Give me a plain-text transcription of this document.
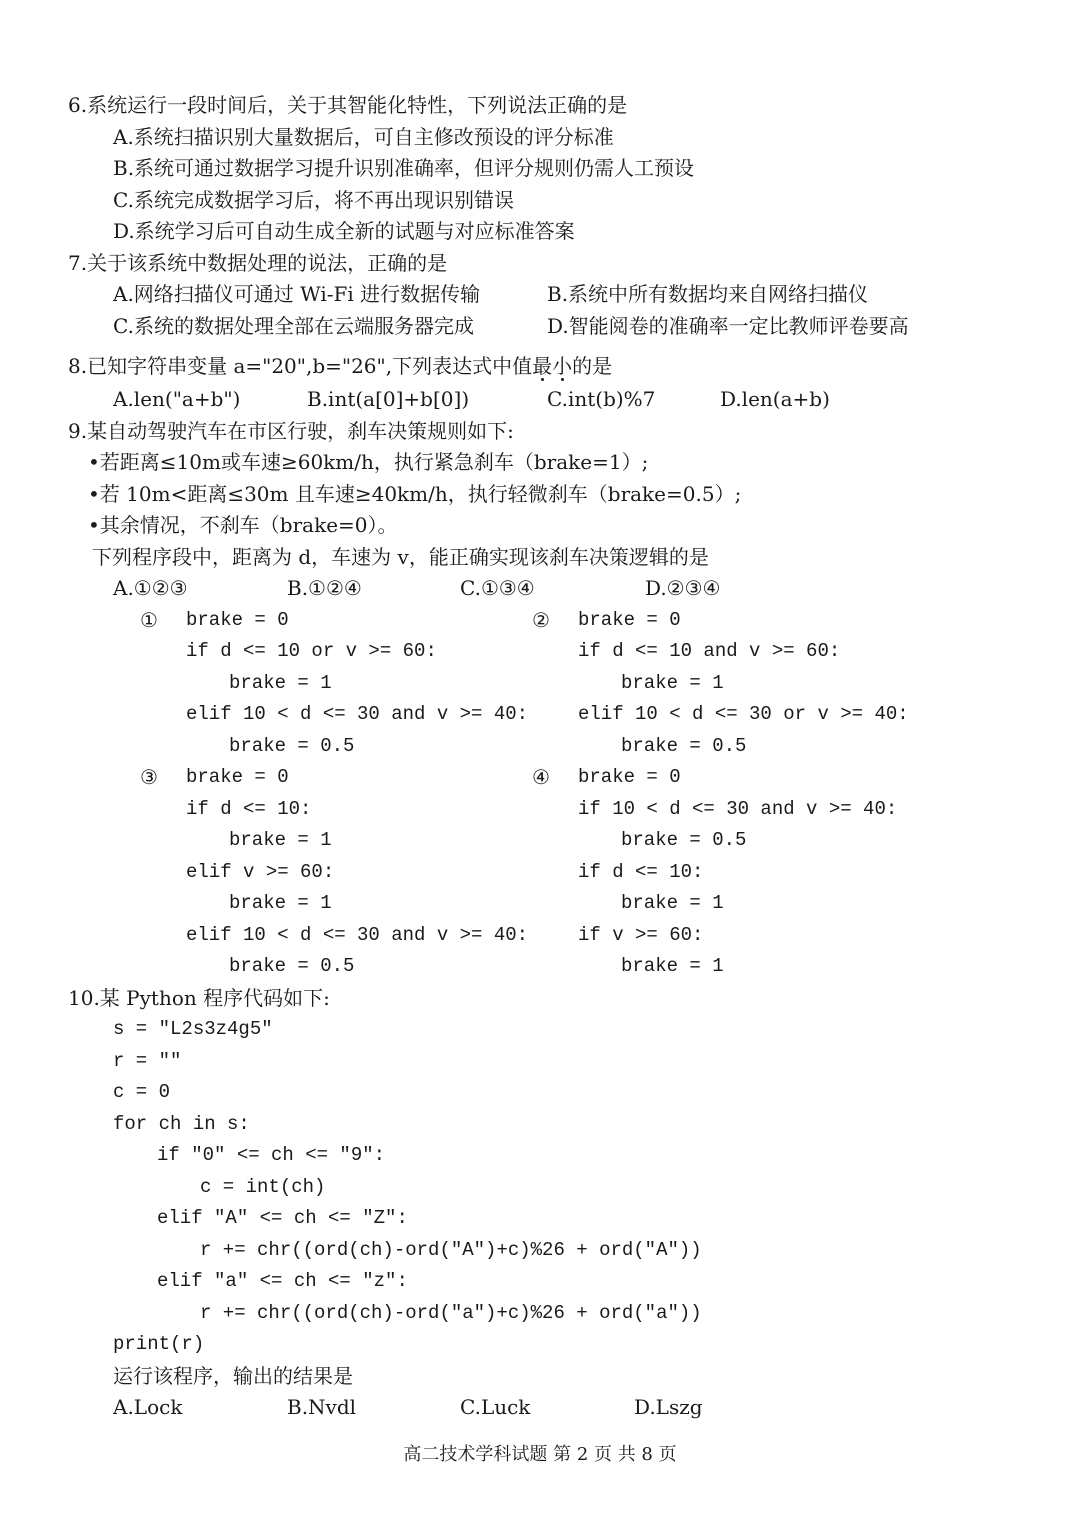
6.系统运行一段时间后，关于其智能化特性，下列说法正确的是
A.系统扫描识别大量数据后，可自主修改预设的评分标准
B.系统可通过数据学习提升识别准确率，但评分规则仍需人工预设
C.系统完成数据学习后，将不再出现识别错误
D.系统学习后可自动生成全新的试题与对应标准答案
7.关于该系统中数据处理的说法，正确的是
A.网络扫描仪可通过 Wi-Fi 进行数据传输	B.系统中所有数据均来自网络扫描仪
C.系统的数据处理全部在云端服务器完成	D.智能阅卷的准确率一定比教师评卷要高
8.已知字符串变量 a="20",b="26",下列表达式中值最小的是
A.len("a+b")	B.int(a[0]+b[0])	C.int(b)%7	D.len(a+b)
9.某自动驾驶汽车在市区行驶，刹车决策规则如下:
•若距离≤10m或车速≥60km/h，执行紧急刹车（brake=1）;
•若 10m<距离≤30m 且车速≥40km/h，执行轻微刹车（brake=0.5）;
•其余情况，不刹车（brake=0）。
下列程序段中，距离为 d，车速为 v，能正确实现该刹车决策逻辑的是
A.①②③	B.①②④	C.①③④	D.②③④
① brake = 0
if d <= 10 or v >= 60:
brake = 1
elif 10 < d <= 30 and v >= 40:
brake = 0.5
② brake = 0
if d <= 10 and v >= 60:
brake = 1
elif 10 < d <= 30 or v >= 40:
brake = 0.5
③ brake = 0
if d <= 10:
brake = 1
elif v >= 60:
brake = 1
elif 10 < d <= 30 and v >= 40:
brake = 0.5
④ brake = 0
if 10 < d <= 30 and v >= 40:
brake = 0.5
if d <= 10:
brake = 1
if v >= 60:
brake = 1
10.某 Python 程序代码如下:
s = "L2s3z4g5"
r = ""
c = 0
for ch in s:
if "0" <= ch <= "9":
c = int(ch)
elif "A" <= ch <= "Z":
r += chr((ord(ch)-ord("A")+c)%26 + ord("A"))
elif "a" <= ch <= "z":
r += chr((ord(ch)-ord("a")+c)%26 + ord("a"))
print(r)
运行该程序，输出的结果是
A.Lock	B.Nvdl	C.Luck	D.Lszg
高二技术学科试题 第 2 页 共 8 页
